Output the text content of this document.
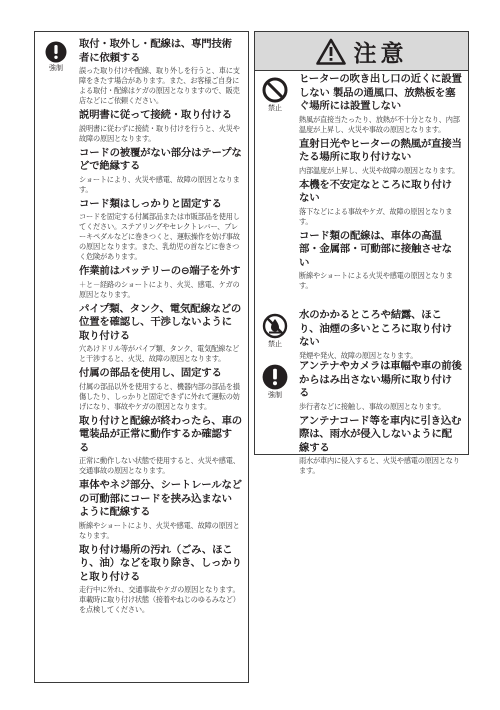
強制
取付・取外し・配線は、専門技術者に依頼する
誤った取り付けや配線、取り外しを行うと、車に支障をきたす場合があります。また、お客様ご自身による取付・配線はケガの原因となりますので、販売店などにご依頼ください。
説明書に従って接続・取り付ける
説明書に従わずに接続・取り付けを行うと、火災や故障の原因となります。
コードの被覆がない部分はテープなどで絶縁する
ショートにより、火災や感電、故障の原因となります。
コード類はしっかりと固定する
コードを固定する付属部品または市販部品を使用してください。ステアリングやセレクトレバー、ブレーキペダルなどに巻きつくと、運転操作を妨げ事故の原因となります。また、乳幼児の首などに巻きつく危険があります。
作業前はバッテリーの⊖端子を外す
＋と－経路のショートにより、火災、感電、ケガの原因となります。
パイプ類、タンク、電気配線などの位置を確認し、干渉しないように取り付ける
穴あけドリル等がパイプ類、タンク、電気配線などと干渉すると、火災、故障の原因となります。
付属の部品を使用し、固定する
付属の部品以外を使用すると、機器内部の部品を損傷したり、しっかりと固定できずに外れて運転の妨げになり、事故やケガの原因となります。
取り付けと配線が終わったら、車の電装品が正常に動作するか確認する
正常に動作しない状態で使用すると、火災や感電、交通事故の原因となります。
車体やネジ部分、シートレールなどの可動部にコードを挟み込まないように配線する
断線やショートにより、火災や感電、故障の原因となります。
取り付け場所の汚れ（ごみ、ほこり、油）などを取り除き、しっかりと取り付ける
走行中に外れ、交通事故やケガの原因となります。車載時に取り付け状態（接着やねじのゆるみなど）を点検してください。
注意
禁止
ヒーターの吹き出し口の近くに設置しない 製品の通風口、放熱板を塞ぐ場所には設置しない
熱風が直接当たったり、放熱が不十分となり、内部温度が上昇し、火災や事故の原因となります。
直射日光やヒーターの熱風が直接当たる場所に取り付けない
内部温度が上昇し、火災や故障の原因となります。
本機を不安定なところに取り付けない
落下などによる事故やケガ、故障の原因となります。
コード類の配線は、車体の高温部・金属部・可動部に接触させない
断線やショートによる火災や感電の原因となります。
禁止
水のかかるところや結露、ほこり、油煙の多いところに取り付けない
発煙や発火、故障の原因となります。
強制
アンテナやカメラは車幅や車の前後からはみ出さない場所に取り付ける
歩行者などに接触し、事故の原因となります。
アンテナコード等を車内に引き込む際は、雨水が侵入しないように配線する
雨水が車内に侵入すると、火災や感電の原因となります。
